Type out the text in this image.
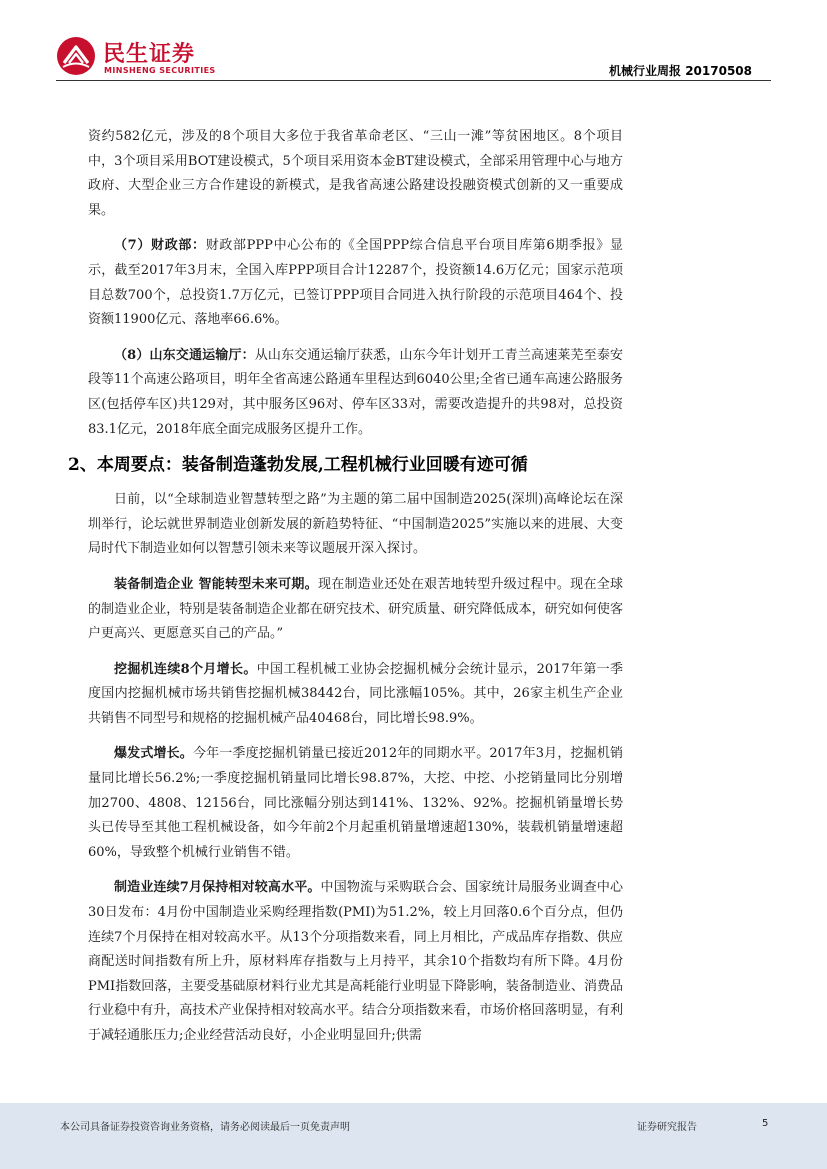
民生证券
MINSHENG SECURITIES	机械行业周报 20170508

资约582亿元，涉及的8个项目大多位于我省革命老区、“三山一滩”等贫困地区。8个项目中，3个项目采用BOT建设模式，5个项目采用资本金BT建设模式，全部采用管理中心与地方政府、大型企业三方合作建设的新模式，是我省高速公路建设投融资模式创新的又一重要成果。

（7）财政部：财政部PPP中心公布的《全国PPP综合信息平台项目库第6期季报》显示，截至2017年3月末，全国入库PPP项目合计12287个，投资额14.6万亿元；国家示范项目总数700个，总投资1.7万亿元，已签订PPP项目合同进入执行阶段的示范项目464个、投资额11900亿元、落地率66.6%。

（8）山东交通运输厅：从山东交通运输厅获悉，山东今年计划开工青兰高速莱芜至泰安段等11个高速公路项目，明年全省高速公路通车里程达到6040公里;全省已通车高速公路服务区(包括停车区)共129对，其中服务区96对、停车区33对，需要改造提升的共98对，总投资83.1亿元，2018年底全面完成服务区提升工作。

2、本周要点：装备制造蓬勃发展,工程机械行业回暖有迹可循

日前，以“全球制造业智慧转型之路”为主题的第二届中国制造2025(深圳)高峰论坛在深圳举行，论坛就世界制造业创新发展的新趋势特征、“中国制造2025”实施以来的进展、大变局时代下制造业如何以智慧引领未来等议题展开深入探讨。

装备制造企业 智能转型未来可期。现在制造业还处在艰苦地转型升级过程中。现在全球的制造业企业，特别是装备制造企业都在研究技术、研究质量、研究降低成本，研究如何使客户更高兴、更愿意买自己的产品。”

挖掘机连续8个月增长。中国工程机械工业协会挖掘机械分会统计显示，2017年第一季度国内挖掘机械市场共销售挖掘机械38442台，同比涨幅105%。其中，26家主机生产企业共销售不同型号和规格的挖掘机械产品40468台，同比增长98.9%。

爆发式增长。今年一季度挖掘机销量已接近2012年的同期水平。2017年3月，挖掘机销量同比增长56.2%;一季度挖掘机销量同比增长98.87%，大挖、中挖、小挖销量同比分别增加2700、4808、12156台，同比涨幅分别达到141%、132%、92%。挖掘机销量增长势头已传导至其他工程机械设备，如今年前2个月起重机销量增速超130%，装载机销量增速超60%，导致整个机械行业销售不错。

制造业连续7月保持相对较高水平。中国物流与采购联合会、国家统计局服务业调查中心30日发布：4月份中国制造业采购经理指数(PMI)为51.2%，较上月回落0.6个百分点，但仍连续7个月保持在相对较高水平。从13个分项指数来看，同上月相比，产成品库存指数、供应商配送时间指数有所上升，原材料库存指数与上月持平，其余10个指数均有所下降。4月份PMI指数回落，主要受基础原材料行业尤其是高耗能行业明显下降影响，装备制造业、消费品行业稳中有升，高技术产业保持相对较高水平。结合分项指数来看，市场价格回落明显，有利于减轻通胀压力;企业经营活动良好，小企业明显回升;供需

本公司具备证券投资咨询业务资格，请务必阅读最后一页免责声明	证券研究报告	5
